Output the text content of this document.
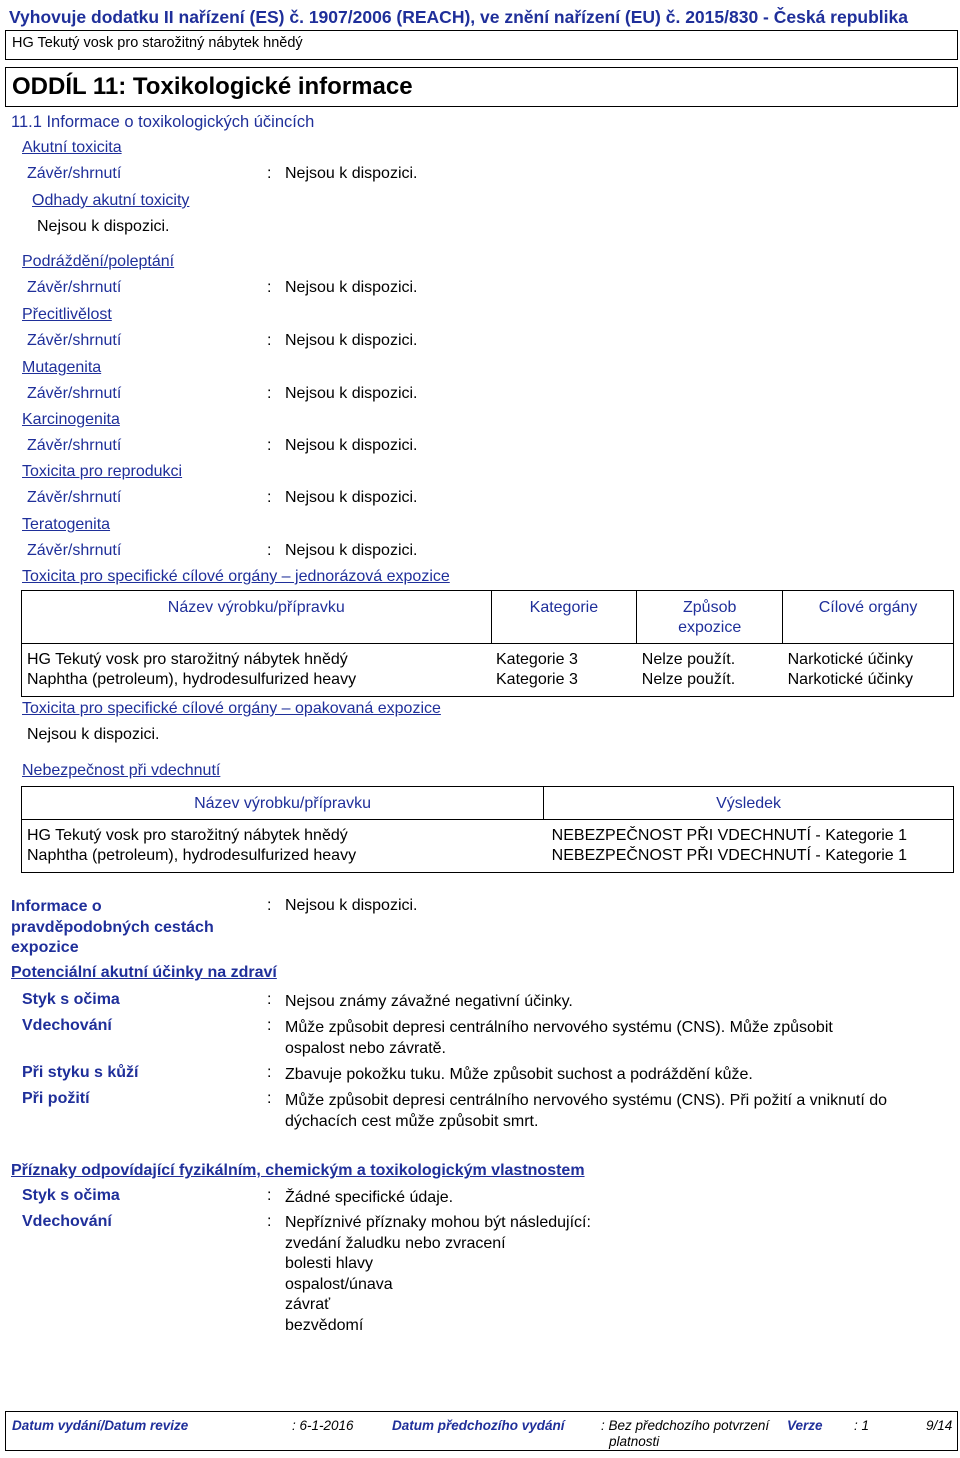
Vyhovuje dodatku II nařízení (ES) č. 1907/2006 (REACH), ve znění nařízení (EU) č. 2015/830 - Česká republika
HG Tekutý vosk pro starožitný nábytek hnědý
ODDÍL 11: Toxikologické informace
11.1 Informace o toxikologických účincích
Akutní toxicita
Závěr/shrnutí	: Nejsou k dispozici.
Odhady akutní toxicity
Nejsou k dispozici.
Podráždění/poleptání
Závěr/shrnutí	: Nejsou k dispozici.
Přecitlivělost
Závěr/shrnutí	: Nejsou k dispozici.
Mutagenita
Závěr/shrnutí	: Nejsou k dispozici.
Karcinogenita
Závěr/shrnutí	: Nejsou k dispozici.
Toxicita pro reprodukci
Závěr/shrnutí	: Nejsou k dispozici.
Teratogenita
Závěr/shrnutí	: Nejsou k dispozici.
Toxicita pro specifické cílové orgány – jednorázová expozice
Název výrobku/přípravku	Kategorie	Způsob expozice	Cílové orgány
HG Tekutý vosk pro starožitný nábytek hnědý	Kategorie 3	Nelze použít.	Narkotické účinky
Naphtha (petroleum), hydrodesulfurized heavy	Kategorie 3	Nelze použít.	Narkotické účinky
Toxicita pro specifické cílové orgány – opakovaná expozice
Nejsou k dispozici.
Nebezpečnost při vdechnutí
Název výrobku/přípravku	Výsledek
HG Tekutý vosk pro starožitný nábytek hnědý	NEBEZPEČNOST PŘI VDECHNUTÍ - Kategorie 1
Naphtha (petroleum), hydrodesulfurized heavy	NEBEZPEČNOST PŘI VDECHNUTÍ - Kategorie 1
Informace o
pravděpodobných cestách
expozice
: Nejsou k dispozici.
Potenciální akutní účinky na zdraví
Styk s očima	: Nejsou známy závažné negativní účinky.
Vdechování	: Může způsobit depresi centrálního nervového systému (CNS). Může způsobit
ospalost nebo závratě.
Při styku s kůží	: Zbavuje pokožku tuku. Může způsobit suchost a podráždění kůže.
Při požití	: Může způsobit depresi centrálního nervového systému (CNS). Při požití a vniknutí do
dýchacích cest může způsobit smrt.
Příznaky odpovídající fyzikálním, chemickým a toxikologickým vlastnostem
Styk s očima	: Žádné specifické údaje.
Vdechování	: Nepříznivé příznaky mohou být následující:
zvedání žaludku nebo zvracení
bolesti hlavy
ospalost/únava
závrať
bezvědomí
Datum vydání/Datum revize	: 6-1-2016	Datum předchozího vydání	: Bez předchozího potvrzení
platnosti
Verze : 1	9/14
